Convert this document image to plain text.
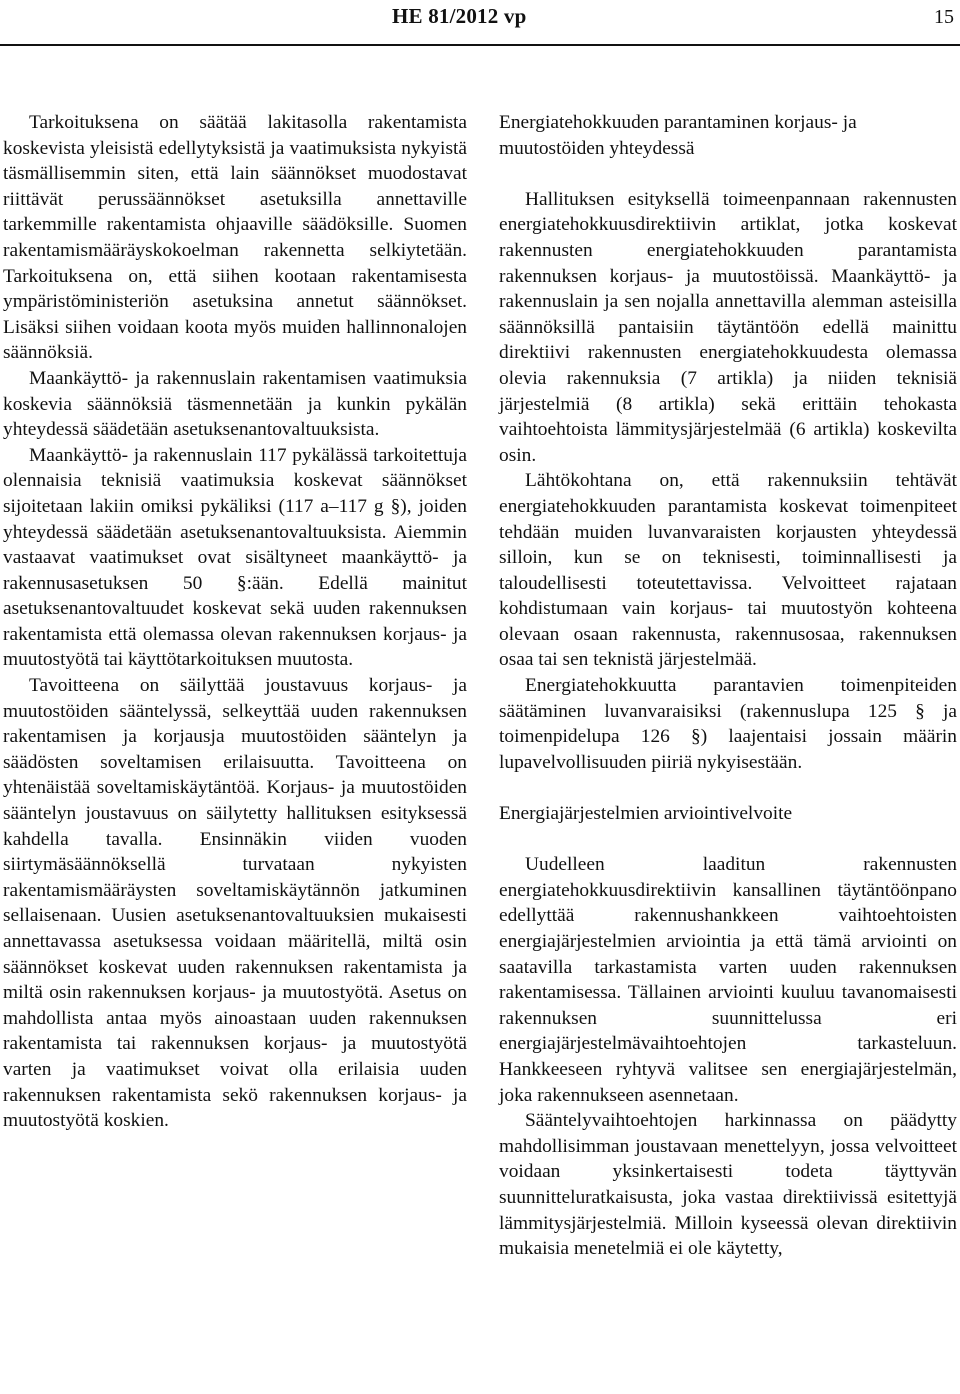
HE 81/2012 vp	15

Tarkoituksena on säätää lakitasolla rakentamista koskevista yleisistä edellytyksistä ja vaatimuksista nykyistä täsmällisemmin siten, että lain säännökset muodostavat riittävät perussäännökset asetuksilla annettaville tarkemmille rakentamista ohjaaville säädöksille. Suomen rakentamismääräyskokoelman rakennetta selkiytetään. Tarkoituksena on, että siihen kootaan rakentamisesta ympäristöministeriön asetuksina annetut säännökset. Lisäksi siihen voidaan koota myös muiden hallinnonalojen säännöksiä.

Maankäyttö- ja rakennuslain rakentamisen vaatimuksia koskevia säännöksiä täsmennetään ja kunkin pykälän yhteydessä säädetään asetuksenantovaltuuksista.

Maankäyttö- ja rakennuslain 117 pykälässä tarkoitettuja olennaisia teknisiä vaatimuksia koskevat säännökset sijoitetaan lakiin omiksi pykäliksi (117 a–117 g §), joiden yhteydessä säädetään asetuksenantovaltuuksista. Aiemmin vastaavat vaatimukset ovat sisältyneet maankäyttö- ja rakennusasetuksen 50 §:ään. Edellä mainitut asetuksenantovaltuudet koskevat sekä uuden rakennuksen rakentamista että olemassa olevan rakennuksen korjaus- ja muutostyötä tai käyttötarkoituksen muutosta.

Tavoitteena on säilyttää joustavuus korjaus- ja muutostöiden sääntelyssä, selkeyttää uuden rakennuksen rakentamisen ja korjausja muutostöiden sääntelyn ja säädösten soveltamisen erilaisuutta. Tavoitteena on yhtenäistää soveltamiskäytäntöä. Korjaus- ja muutostöiden sääntelyn joustavuus on säilytetty hallituksen esityksessä kahdella tavalla. Ensinnäkin viiden vuoden siirtymäsäännöksellä turvataan nykyisten rakentamismääräysten soveltamiskäytännön jatkuminen sellaisenaan. Uusien asetuksenantovaltuuksien mukaisesti annettavassa asetuksessa voidaan määritellä, miltä osin säännökset koskevat uuden rakennuksen rakentamista ja miltä osin rakennuksen korjaus- ja muutostyötä. Asetus on mahdollista antaa myös ainoastaan uuden rakennuksen rakentamista tai rakennuksen korjaus- ja muutostyötä varten ja vaatimukset voivat olla erilaisia uuden rakennuksen rakentamista sekö rakennuksen korjaus- ja muutostyötä koskien.

Energiatehokkuuden parantaminen korjaus- ja muutostöiden yhteydessä

Hallituksen esityksellä toimeenpannaan rakennusten energiatehokkuusdirektiivin artiklat, jotka koskevat rakennusten energiatehokkuuden parantamista rakennuksen korjaus- ja muutostöissä. Maankäyttö- ja rakennuslain ja sen nojalla annettavilla alemman asteisilla säännöksillä pantaisiin täytäntöön edellä mainittu direktiivi rakennusten energiatehokkuudesta olemassa olevia rakennuksia (7 artikla) ja niiden teknisiä järjestelmiä (8 artikla) sekä erittäin tehokasta vaihtoehtoista lämmitysjärjestelmää (6 artikla) koskevilta osin.

Lähtökohtana on, että rakennuksiin tehtävät energiatehokkuuden parantamista koskevat toimenpiteet tehdään muiden luvanvaraisten korjausten yhteydessä silloin, kun se on teknisesti, toiminnallisesti ja taloudellisesti toteutettavissa. Velvoitteet rajataan kohdistumaan vain korjaus- tai muutostyön kohteena olevaan osaan rakennusta, rakennusosaa, rakennuksen osaa tai sen teknistä järjestelmää.

Energiatehokkuutta parantavien toimenpiteiden säätäminen luvanvaraisiksi (rakennuslupa 125 § ja toimenpidelupa 126 §) laajentaisi jossain määrin lupavelvollisuuden piiriä nykyisestään.

Energiajärjestelmien arviointivelvoite

Uudelleen laaditun rakennusten energiatehokkuusdirektiivin kansallinen täytäntöönpano edellyttää rakennushankkeen vaihtoehtoisten energiajärjestelmien arviointia ja että tämä arviointi on saatavilla tarkastamista varten uuden rakennuksen rakentamisessa. Tällainen arviointi kuuluu tavanomaisesti rakennuksen suunnittelussa eri energiajärjestelmävaihtoehtojen tarkasteluun. Hankkeeseen ryhtyvä valitsee sen energiajärjestelmän, joka rakennukseen asennetaan.

Sääntelyvaihtoehtojen harkinnassa on päädytty mahdollisimman joustavaan menettelyyn, jossa velvoitteet voidaan yksinkertaisesti todeta täyttyvän suunnitteluratkaisusta, joka vastaa direktiivissä esitettyjä lämmitysjärjestelmiä. Milloin kyseessä olevan direktiivin mukaisia menetelmiä ei ole käytetty,
